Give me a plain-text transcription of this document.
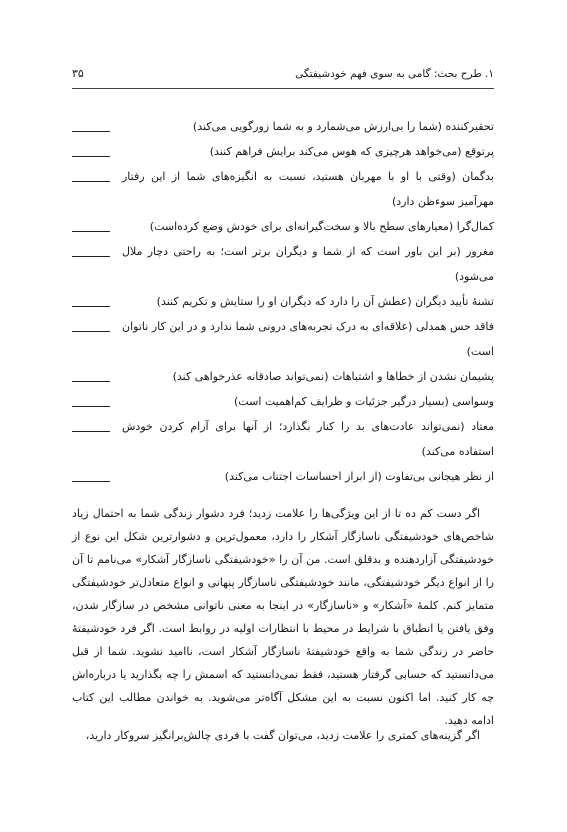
۱. طرح بحث: گامی به سوی فهم خودشیفتگی
۳۵
تحقیرکننده (شما را بی‌ارزش می‌شمارد و به شما زورگویی می‌کند)
پرتوقع (می‌خواهد هرچیزی که هوس می‌کند برایش فراهم کنند)
بدگمان (وقتی با او با مهربان هستید، نسبت به انگیزه‌های شما از این رفتار مهرآمیز سوءظن دارد)
کمال‌گرا (معیارهای سطح بالا و سخت‌گیرانه‌ای برای خودش وضع کرده‌است)
مغرور (بر این باور است که از شما و دیگران برتر است؛ به راحتی دچار ملال می‌شود)
تشنۀ تأیید دیگران (عطش آن را دارد که دیگران او را ستایش و تکریم کنند)
فاقد حس همدلی (علاقه‌ای به درک تجربه‌های درونی شما ندارد و در این کار ناتوان است)
پشیمان نشدن از خطاها و اشتباهات (نمی‌تواند صادقانه عذرخواهی کند)
وسواسی (بسیار درگیر جزئیات و ظرایف کم‌اهمیت است)
معتاد (نمی‌تواند عادت‌های بد را کنار بگذارد؛ از آنها برای آرام کردن خودش استفاده می‌کند)
از نظر هیجانی بی‌تفاوت (از ابراز احساسات اجتناب می‌کند)

اگر دست کم ده تا از این ویژگی‌ها را علامت زدید؛ فرد دشوار زندگی شما به احتمال زیاد شاخص‌های خودشیفتگی ناسازگار آشکار را دارد، معمول‌ترین و دشوارترین شکل این نوع از خودشیفتگی آزاردهنده و بدقلق است. من آن را «خودشیفتگی ناسازگار آشکار» می‌نامم تا آن را از انواع دیگر خودشیفتگی، مانند خودشیفتگی ناسازگار پنهانی و انواع متعادل‌تر خودشیفتگی متمایز کنم. کلمۀ «آشکار» و «ناسازگار» در اینجا به معنی ناتوانی مشخص در سازگار شدن، وفق یافتن یا انطباق با شرایط در محیط با انتظارات اولیه در روابط است. اگر فرد خودشیفتۀ حاضر در زندگی شما به واقع خودشیفتۀ ناسازگار آشکار است، ناامید نشوید. شما از قبل می‌دانستید که حسابی گرفتار هستید، فقط نمی‌دانستید که اسمش را چه بگذارید یا درباره‌اش چه کار کنید. اما اکنون نسبت به این مشکل آگاه‌تر می‌شوید. به خواندن مطالب این کتاب ادامه دهید.

اگر گزینه‌های کمتری را علامت زدید، می‌توان گفت با فردی چالش‌برانگیز سروکار دارید،
